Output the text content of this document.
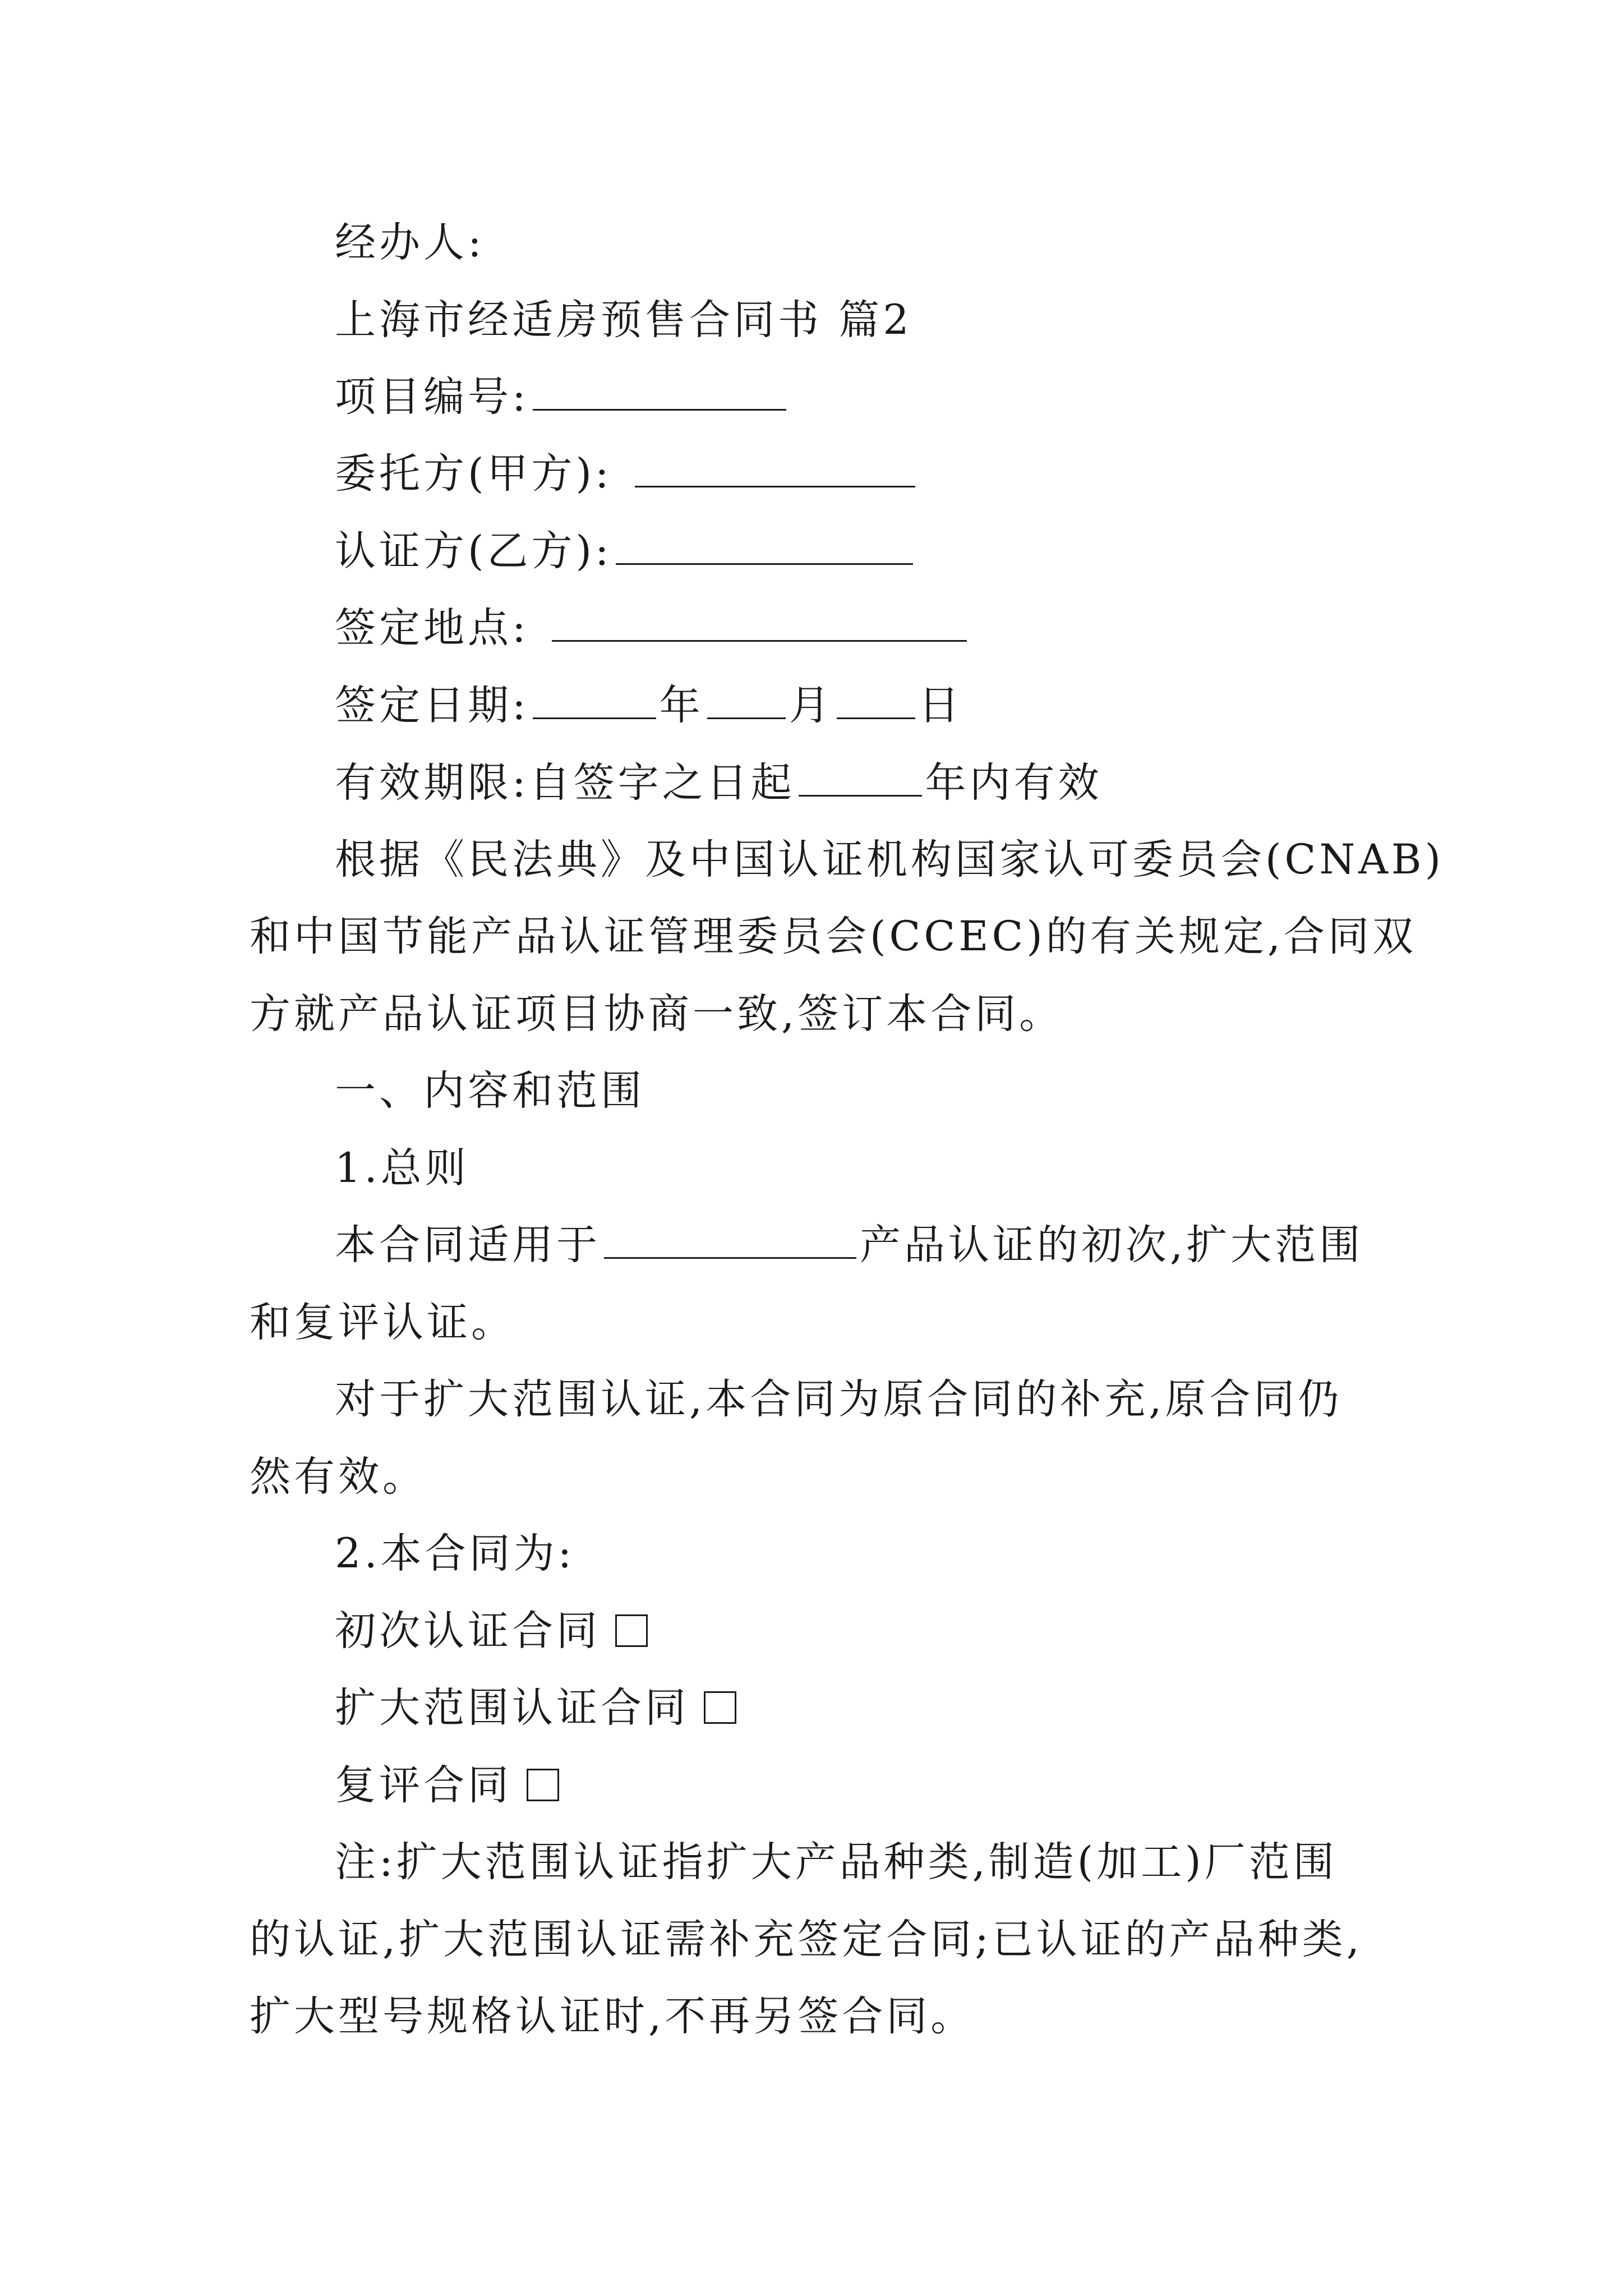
经办人:
上海市经适房预售合同书 篇2
项目编号:
委托方(甲方):
认证方(乙方):
签定地点:
签定日期:	年 月 日
有效期限:自签字之日起	年内有效
根据《民法典》及中国认证机构国家认可委员会(CNAB)
和中国节能产品认证管理委员会(CCEC)的有关规定,合同双
方就产品认证项目协商一致,签订本合同。
一、内容和范围
1.总则
本合同适用于	产品认证的初次,扩大范围
和复评认证。
对于扩大范围认证,本合同为原合同的补充,原合同仍
然有效。
2.本合同为:
初次认证合同
扩大范围认证合同
复评合同
注:扩大范围认证指扩大产品种类,制造(加工)厂范围
的认证,扩大范围认证需补充签定合同;已认证的产品种类,
扩大型号规格认证时,不再另签合同。
